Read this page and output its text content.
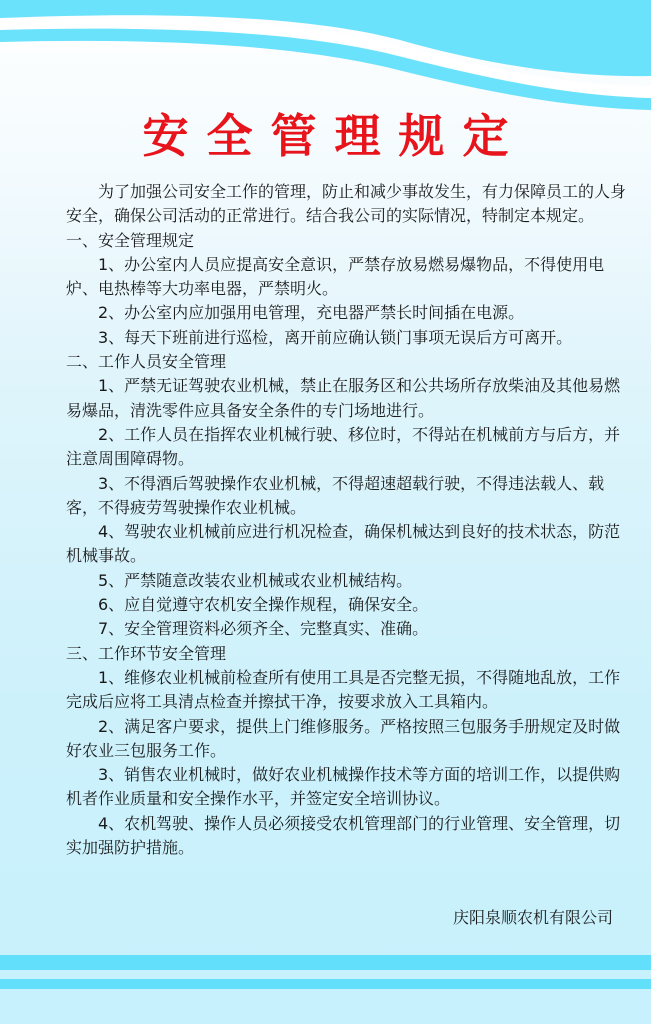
安全管理规定

为了加强公司安全工作的管理，防止和减少事故发生，有力保障员工的人身安全，确保公司活动的正常进行。结合我公司的实际情况，特制定本规定。

一、安全管理规定

1、办公室内人员应提高安全意识，严禁存放易燃易爆物品，不得使用电炉、电热棒等大功率电器，严禁明火。

2、办公室内应加强用电管理，充电器严禁长时间插在电源。

3、每天下班前进行巡检，离开前应确认锁门事项无误后方可离开。

二、工作人员安全管理

1、严禁无证驾驶农业机械，禁止在服务区和公共场所存放柴油及其他易燃易爆品，清洗零件应具备安全条件的专门场地进行。

2、工作人员在指挥农业机械行驶、移位时，不得站在机械前方与后方，并注意周围障碍物。

3、不得酒后驾驶操作农业机械，不得超速超载行驶，不得违法载人、载客，不得疲劳驾驶操作农业机械。

4、驾驶农业机械前应进行机况检查，确保机械达到良好的技术状态，防范机械事故。

5、严禁随意改装农业机械或农业机械结构。

6、应自觉遵守农机安全操作规程，确保安全。

7、安全管理资料必须齐全、完整真实、准确。

三、工作环节安全管理

1、维修农业机械前检查所有使用工具是否完整无损，不得随地乱放，工作完成后应将工具清点检查并擦拭干净，按要求放入工具箱内。

2、满足客户要求，提供上门维修服务。严格按照三包服务手册规定及时做好农业三包服务工作。

3、销售农业机械时，做好农业机械操作技术等方面的培训工作，以提供购机者作业质量和安全操作水平，并签定安全培训协议。

4、农机驾驶、操作人员必须接受农机管理部门的行业管理、安全管理，切实加强防护措施。

庆阳泉顺农机有限公司
